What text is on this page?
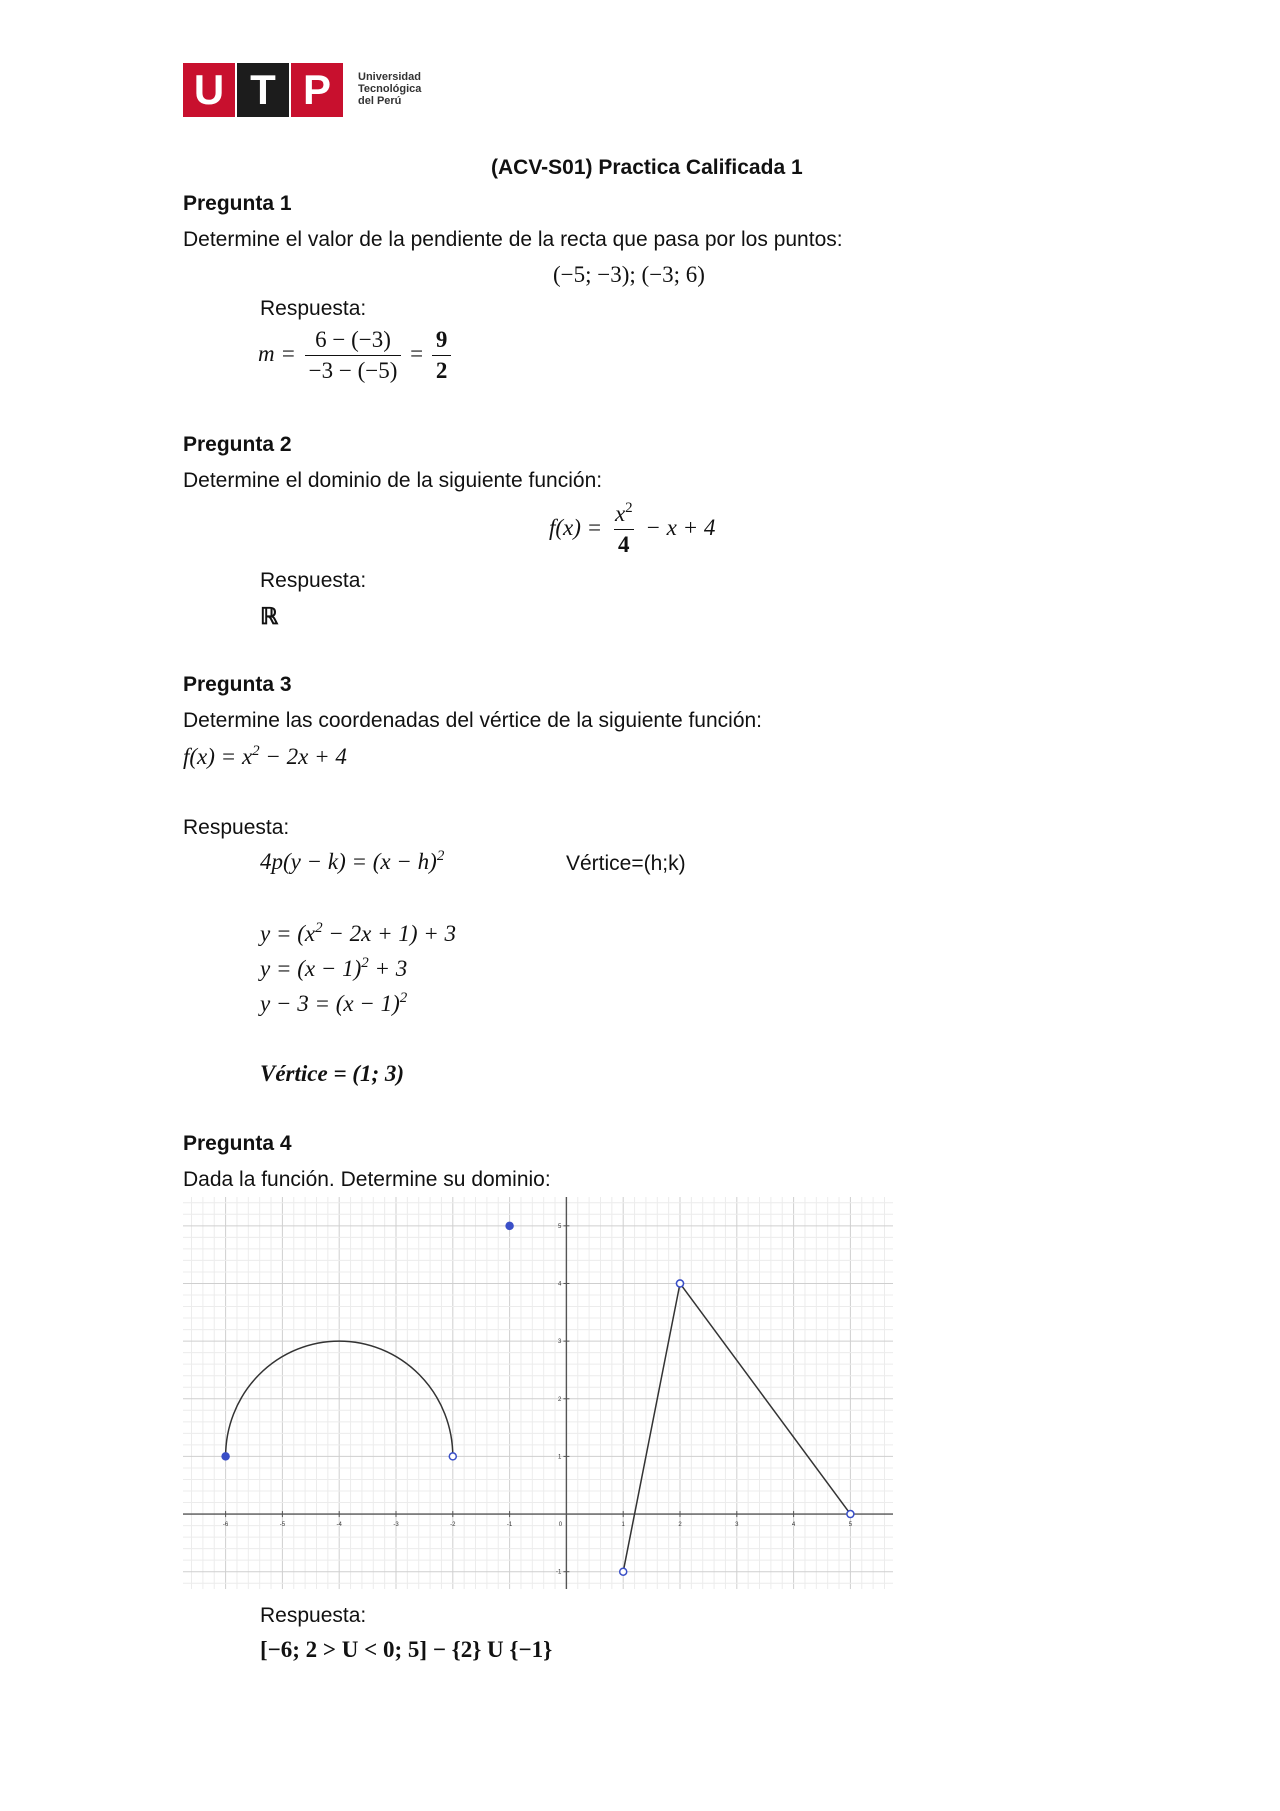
U T P	Universidad
Tecnológica
del Perú
(ACV-S01) Practica Calificada 1
Pregunta 1
Determine el valor de la pendiente de la recta que pasa por los puntos:
(−5; −3); (−3; 6)
Respuesta:
$m = \frac{6 - (-3)}{-3 - (-5)} = \frac{9}{2}$
Pregunta 2
Determine el dominio de la siguiente función:
$f(x) = \frac{x^2}{4} - x + 4$
Respuesta:
ℝ
Pregunta 3
Determine las coordenadas del vértice de la siguiente función:
$f(x) = x^2 - 2x + 4$
Respuesta:
$4p(y - k) = (x - h)^2$	Vértice=(h;k)
$y = (x^2 - 2x + 1) + 3$
$y = (x - 1)^2 + 3$
$y - 3 = (x - 1)^2$
Vértice = (1; 3)
Pregunta 4
Dada la función. Determine su dominio:
-6	-5	-4	-3	-2	-1	0	1	2	3	4	5
-1
1
2
3
4
5
Respuesta:
[−6; 2 > U < 0; 5] − {2} U {−1}
